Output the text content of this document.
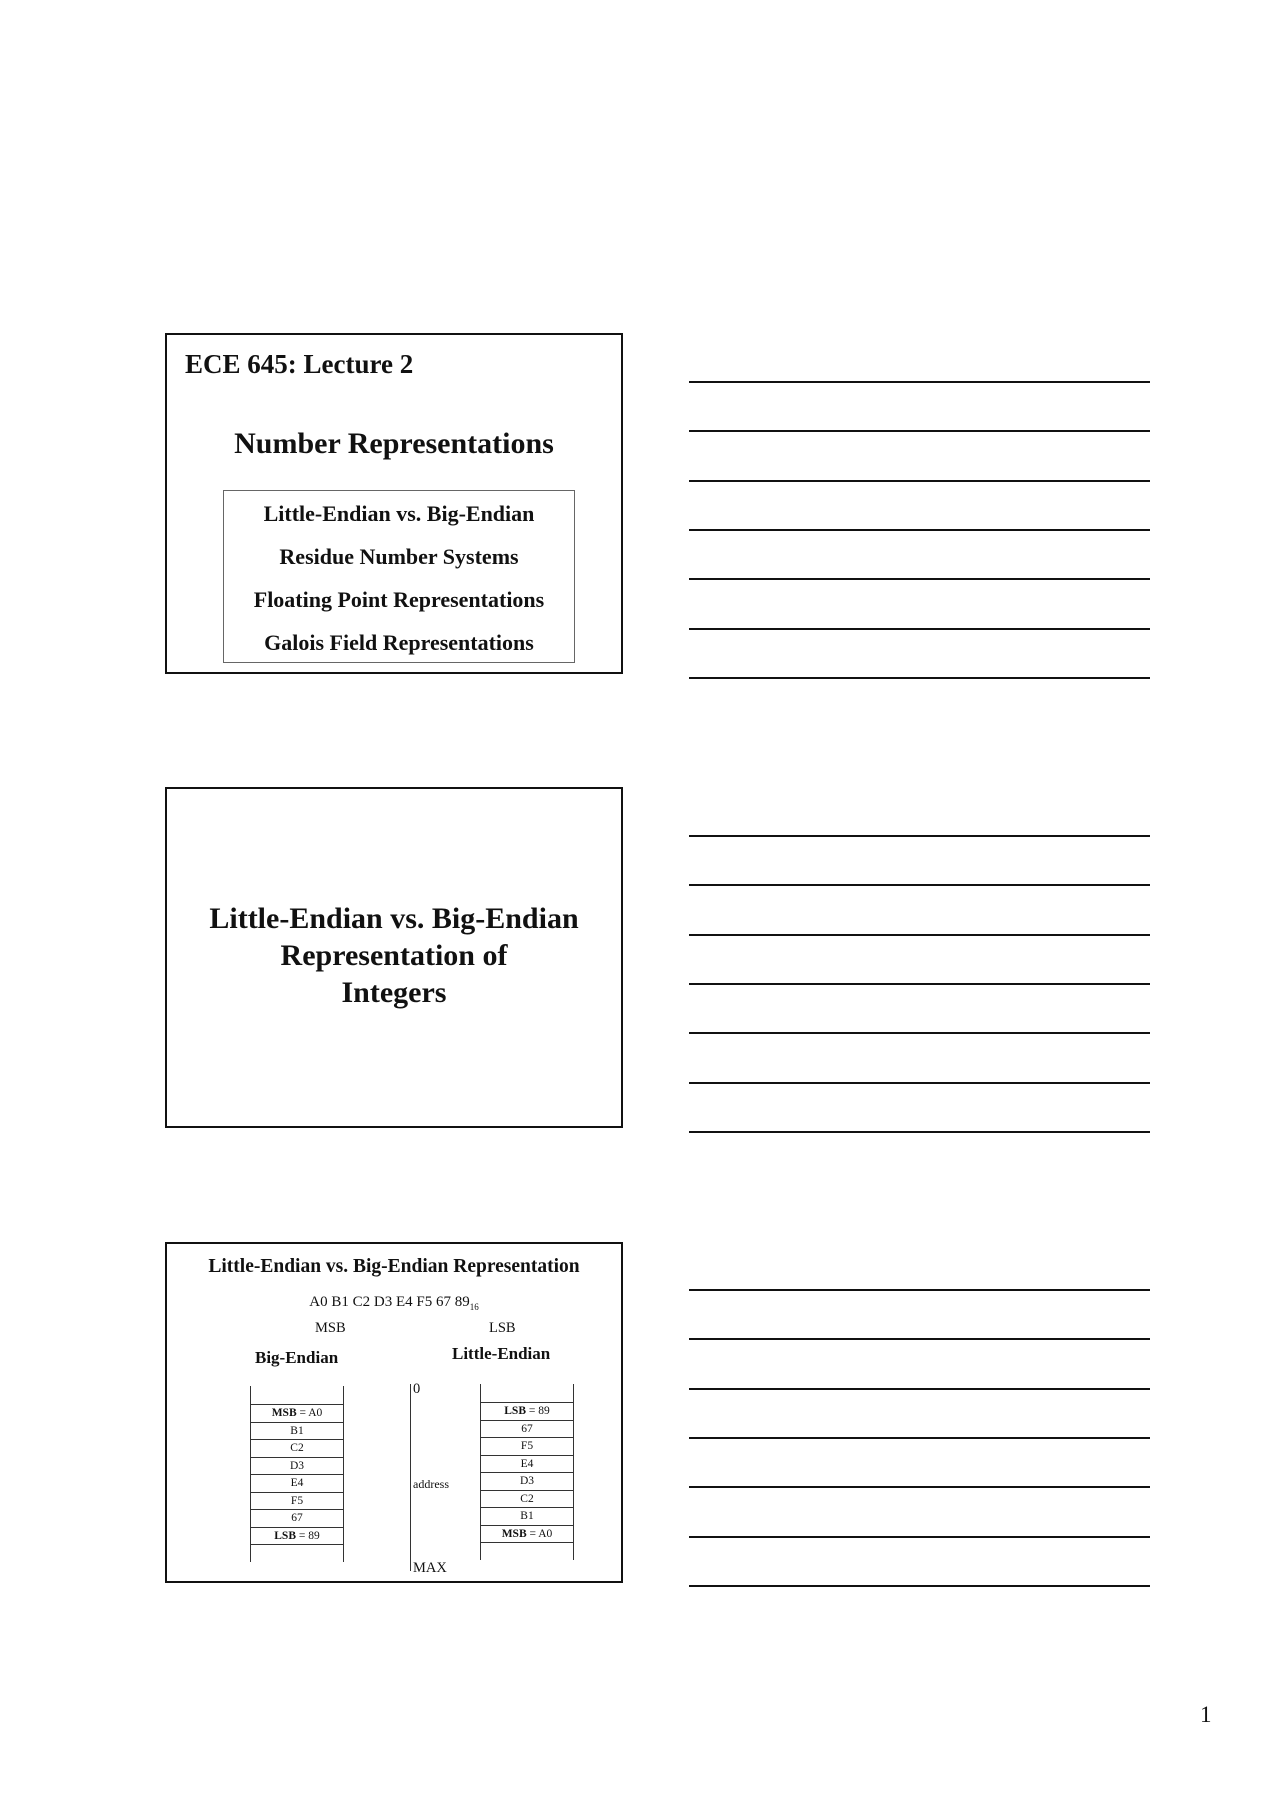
ECE 645: Lecture 2
Number Representations
Little-Endian vs. Big-Endian
Residue Number Systems
Floating Point Representations
Galois Field Representations
Little-Endian vs. Big-Endian
Representation of
Integers
Little-Endian vs. Big-Endian Representation
A0 B1 C2 D3 E4 F5 67 $89_{16}$
MSB	LSB
Big-Endian	Little-Endian
MSB = A0
B1
C2
D3
E4
F5
67
LSB = 89
0
address
MAX
LSB = 89
67
F5
E4
D3
C2
B1
MSB = A0
1
